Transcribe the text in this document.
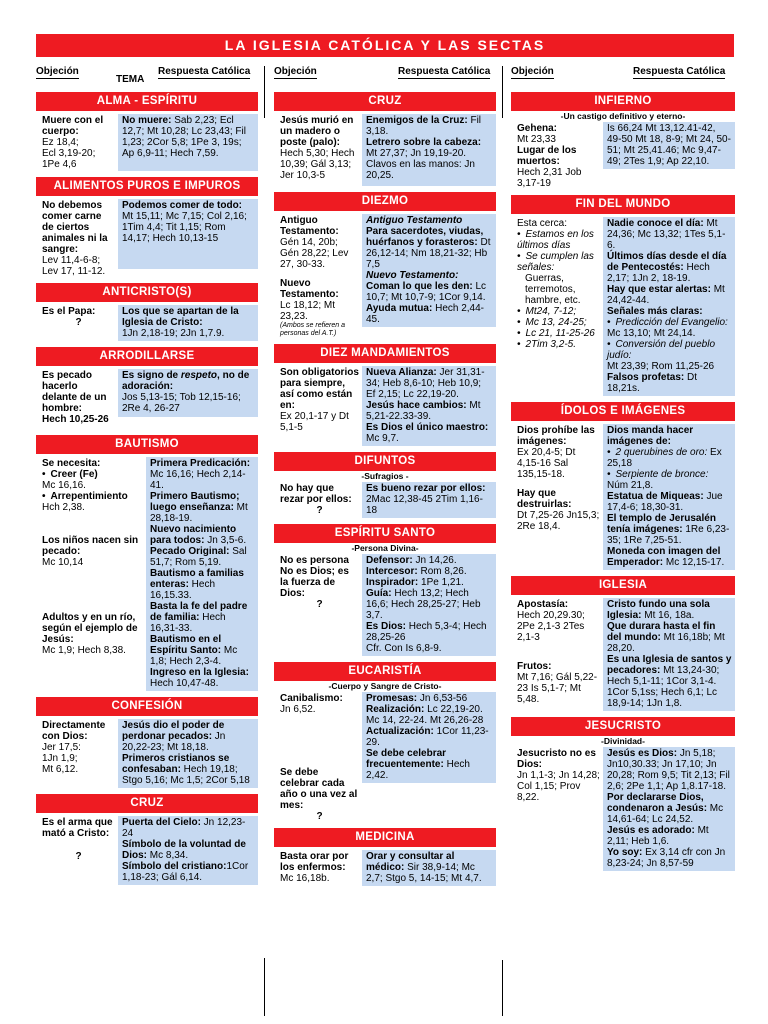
LA IGLESIA CATÓLICA Y LAS SECTAS
Objeción
TEMA
Respuesta Católica
ALMA - ESPÍRITU
Muere con el cuerpo:
Ez 18,4;
Ecl 3,19-20;
1Pe 4,6
No muere: Sab 2,23; Ecl 12,7; Mt 10,28; Lc 23,43; Fil 1,23; 2Cor 5,8; 1Pe 3, 19s; Ap 6,9-11; Hech 7,59.
ALIMENTOS PUROS E IMPUROS
No debemos comer carne de ciertos animales ni la sangre:
Lev 11,4-6-8; Lev 17, 11-12.
Podemos comer de todo:
Mt 15,11; Mc 7,15; Col 2,16; 1Tim 4,4; Tit 1,15; Rom 14,17; Hech 10,13-15
ANTICRISTO(S)
Es el Papa:
?
Los que se apartan de la Iglesia de Cristo:
1Jn 2,18-19; 2Jn 1,7.9.
ARRODILLARSE
Es pecado hacerlo delante de un hombre:
Hech 10,25-26
Es signo de respeto, no de adoración:
Jos 5,13-15; Tob 12,15-16; 2Re 4, 26-27
BAUTISMO
Se necesita:
• Creer (Fe)
Mc 16,16.
• Arrepentimiento
Hch 2,38.
Los niños nacen sin pecado:
Mc 10,14
Adultos y en un río, según el ejemplo de Jesús:
Mc 1,9; Hech 8,38.
Primera Predicación: Mc 16,16; Hech 2,14-41.
Primero Bautismo; luego enseñanza: Mt 28,18-19.
Nuevo nacimiento para todos: Jn 3,5-6.
Pecado Original: Sal 51,7; Rom 5,19.
Bautismo a familias enteras: Hech 16,15.33.
Basta la fe del padre de familia: Hech 16,31-33.
Bautismo en el Espíritu Santo: Mc 1,8; Hech 2,3-4.
Ingreso en la Iglesia: Hech 10,47-48.
CONFESIÓN
Directamente con Dios:
Jer 17,5:
1Jn 1,9;
Mt 6,12.
Jesús dio el poder de perdonar pecados: Jn 20,22-23; Mt 18,18.
Primeros cristianos se confesaban: Hech 19,18; Stgo 5,16; Mc 1,5; 2Cor 5,18
CRUZ
Es el arma que mató a Cristo:
?
Puerta del Cielo: Jn 12,23-24
Símbolo de la voluntad de Dios: Mc 8,34.
Símbolo del cristiano:1Cor 1,18-23; Gál 6,14.
Objeción	Respuesta Católica
CRUZ
Jesús murió en un madero o poste (palo):
Hech 5,30; Hech 10,39; Gál 3,13; Jer 10,3-5
Enemigos de la Cruz: Fil 3,18.
Letrero sobre la cabeza: Mt 27,37; Jn 19,19-20.
Clavos en las manos: Jn 20,25.
DIEZMO
Antiguo Testamento:
Gén 14, 20b; Gén 28,22; Lev 27, 30-33.
Nuevo Testamento:
Lc 18,12; Mt 23,23.
(Ambos se refieren a personas del A.T.)
Antiguo Testamento
Para sacerdotes, viudas, huérfanos y forasteros: Dt 26,12-14; Nm 18,21-32; Hb 7,5
Nuevo Testamento:
Coman lo que les den: Lc 10,7; Mt 10,7-9; 1Cor 9,14.
Ayuda mutua: Hech 2,44-45.
DIEZ MANDAMIENTOS
Son obligatorios para siempre, así como están en:
Ex 20,1-17 y Dt 5,1-5
Nueva Alianza: Jer 31,31-34; Heb 8,6-10; Heb 10,9; Ef 2,15; Lc 22,19-20.
Jesús hace cambios: Mt 5,21-22.33-39.
Es Dios el único maestro: Mc 9,7.
DIFUNTOS
-Sufragios -
No hay que rezar por ellos:
?
Es bueno rezar por ellos: 2Mac 12,38-45 2Tim 1,16-18
ESPÍRITU SANTO
-Persona Divina-
No es persona
No es Dios; es la fuerza de Dios:
?
Defensor: Jn 14,26.
Intercesor: Rom 8,26.
Inspirador: 1Pe 1,21.
Guía: Hech 13,2; Hech 16,6; Hech 28,25-27; Heb 3,7.
Es Dios: Hech 5,3-4; Hech 28,25-26
Cfr. Con Is 6,8-9.
EUCARISTÍA
-Cuerpo y Sangre de Cristo-
Canibalismo:
Jn 6,52.
Se debe celebrar cada año o una vez al mes:
?
Promesas: Jn 6,53-56
Realización: Lc 22,19-20. Mc 14, 22-24. Mt 26,26-28
Actualización: 1Cor 11,23-29.
Se debe celebrar frecuentemente: Hech 2,42.
MEDICINA
Basta orar por los enfermos:
Mc 16,18b.
Orar y consultar al médico: Sir 38,9-14; Mc 2,7; Stgo 5, 14-15; Mt 4,7.
Objeción	Respuesta Católica
INFIERNO
-Un castigo definitivo y eterno-
Gehena:
Mt 23,33
Lugar de los muertos:
Hech 2,31 Job 3,17-19
Is 66,24 Mt 13,12.41-42, 49-50 Mt 18, 8-9; Mt 24, 50-51; Mt 25,41.46; Mc 9,47-49; 2Tes 1,9; Ap 22,10.
FIN DEL MUNDO
Esta cerca:
• Estamos en los últimos días
• Se cumplen las señales:
Guerras, terremotos, hambre, etc.
• Mt24, 7-12;
• Mc 13, 24-25;
• Lc 21, 11-25-26
• 2Tim 3,2-5.
Nadie conoce el día: Mt 24,36; Mc 13,32; 1Tes 5,1-6.
Últimos días desde el día de Pentecostés: Hech 2,17; 1Jn 2, 18-19.
Hay que estar alertas: Mt 24,42-44.
Señales más claras:
• Predicción del Evangelio:
Mc 13,10; Mt 24,14.
• Conversión del pueblo judío:
Mt 23,39; Rom 11,25-26
Falsos profetas: Dt 18,21s.
ÍDOLOS E IMÁGENES
Dios prohíbe las imágenes:
Ex 20,4-5; Dt 4,15-16 Sal 135,15-18.
Hay que destruirlas:
Dt 7,25-26 Jn15,3; 2Re 18,4.
Dios manda hacer imágenes de:
• 2 querubines de oro: Ex 25,18
• Serpiente de bronce: Núm 21,8.
Estatua de Miqueas: Jue 17,4-6; 18,30-31.
El templo de Jerusalén tenía imágenes: 1Re 6,23-35; 1Re 7,25-51.
Moneda con imagen del Emperador: Mc 12,15-17.
IGLESIA
Apostasía:
Hech 20,29.30; 2Pe 2,1-3 2Tes 2,1-3
Frutos:
Mt 7,16; Gál 5,22-23 Is 5,1-7; Mt 5,48.
Cristo fundo una sola Iglesia: Mt 16, 18a.
Que durara hasta el fin del mundo: Mt 16,18b; Mt 28,20.
Es una Iglesia de santos y pecadores: Mt 13,24-30; Hech 5,1-11; 1Cor 3,1-4. 1Cor 5,1ss; Hech 6,1; Lc 18,9-14; 1Jn 1,8.
JESUCRISTO
-Divinidad-
Jesucristo no es Dios:
Jn 1,1-3; Jn 14,28; Col 1,15; Prov 8,22.
Jesús es Dios: Jn 5,18; Jn10,30.33; Jn 17,10; Jn 20,28; Rom 9,5; Tit 2,13; Fil 2,6; 2Pe 1,1; Ap 1,8.17-18.
Por declararse Dios, condenaron a Jesús: Mc 14,61-64; Lc 24,52.
Jesús es adorado: Mt 2,11; Heb 1,6.
Yo soy: Ex 3,14 cfr con Jn 8,23-24; Jn 8,57-59
